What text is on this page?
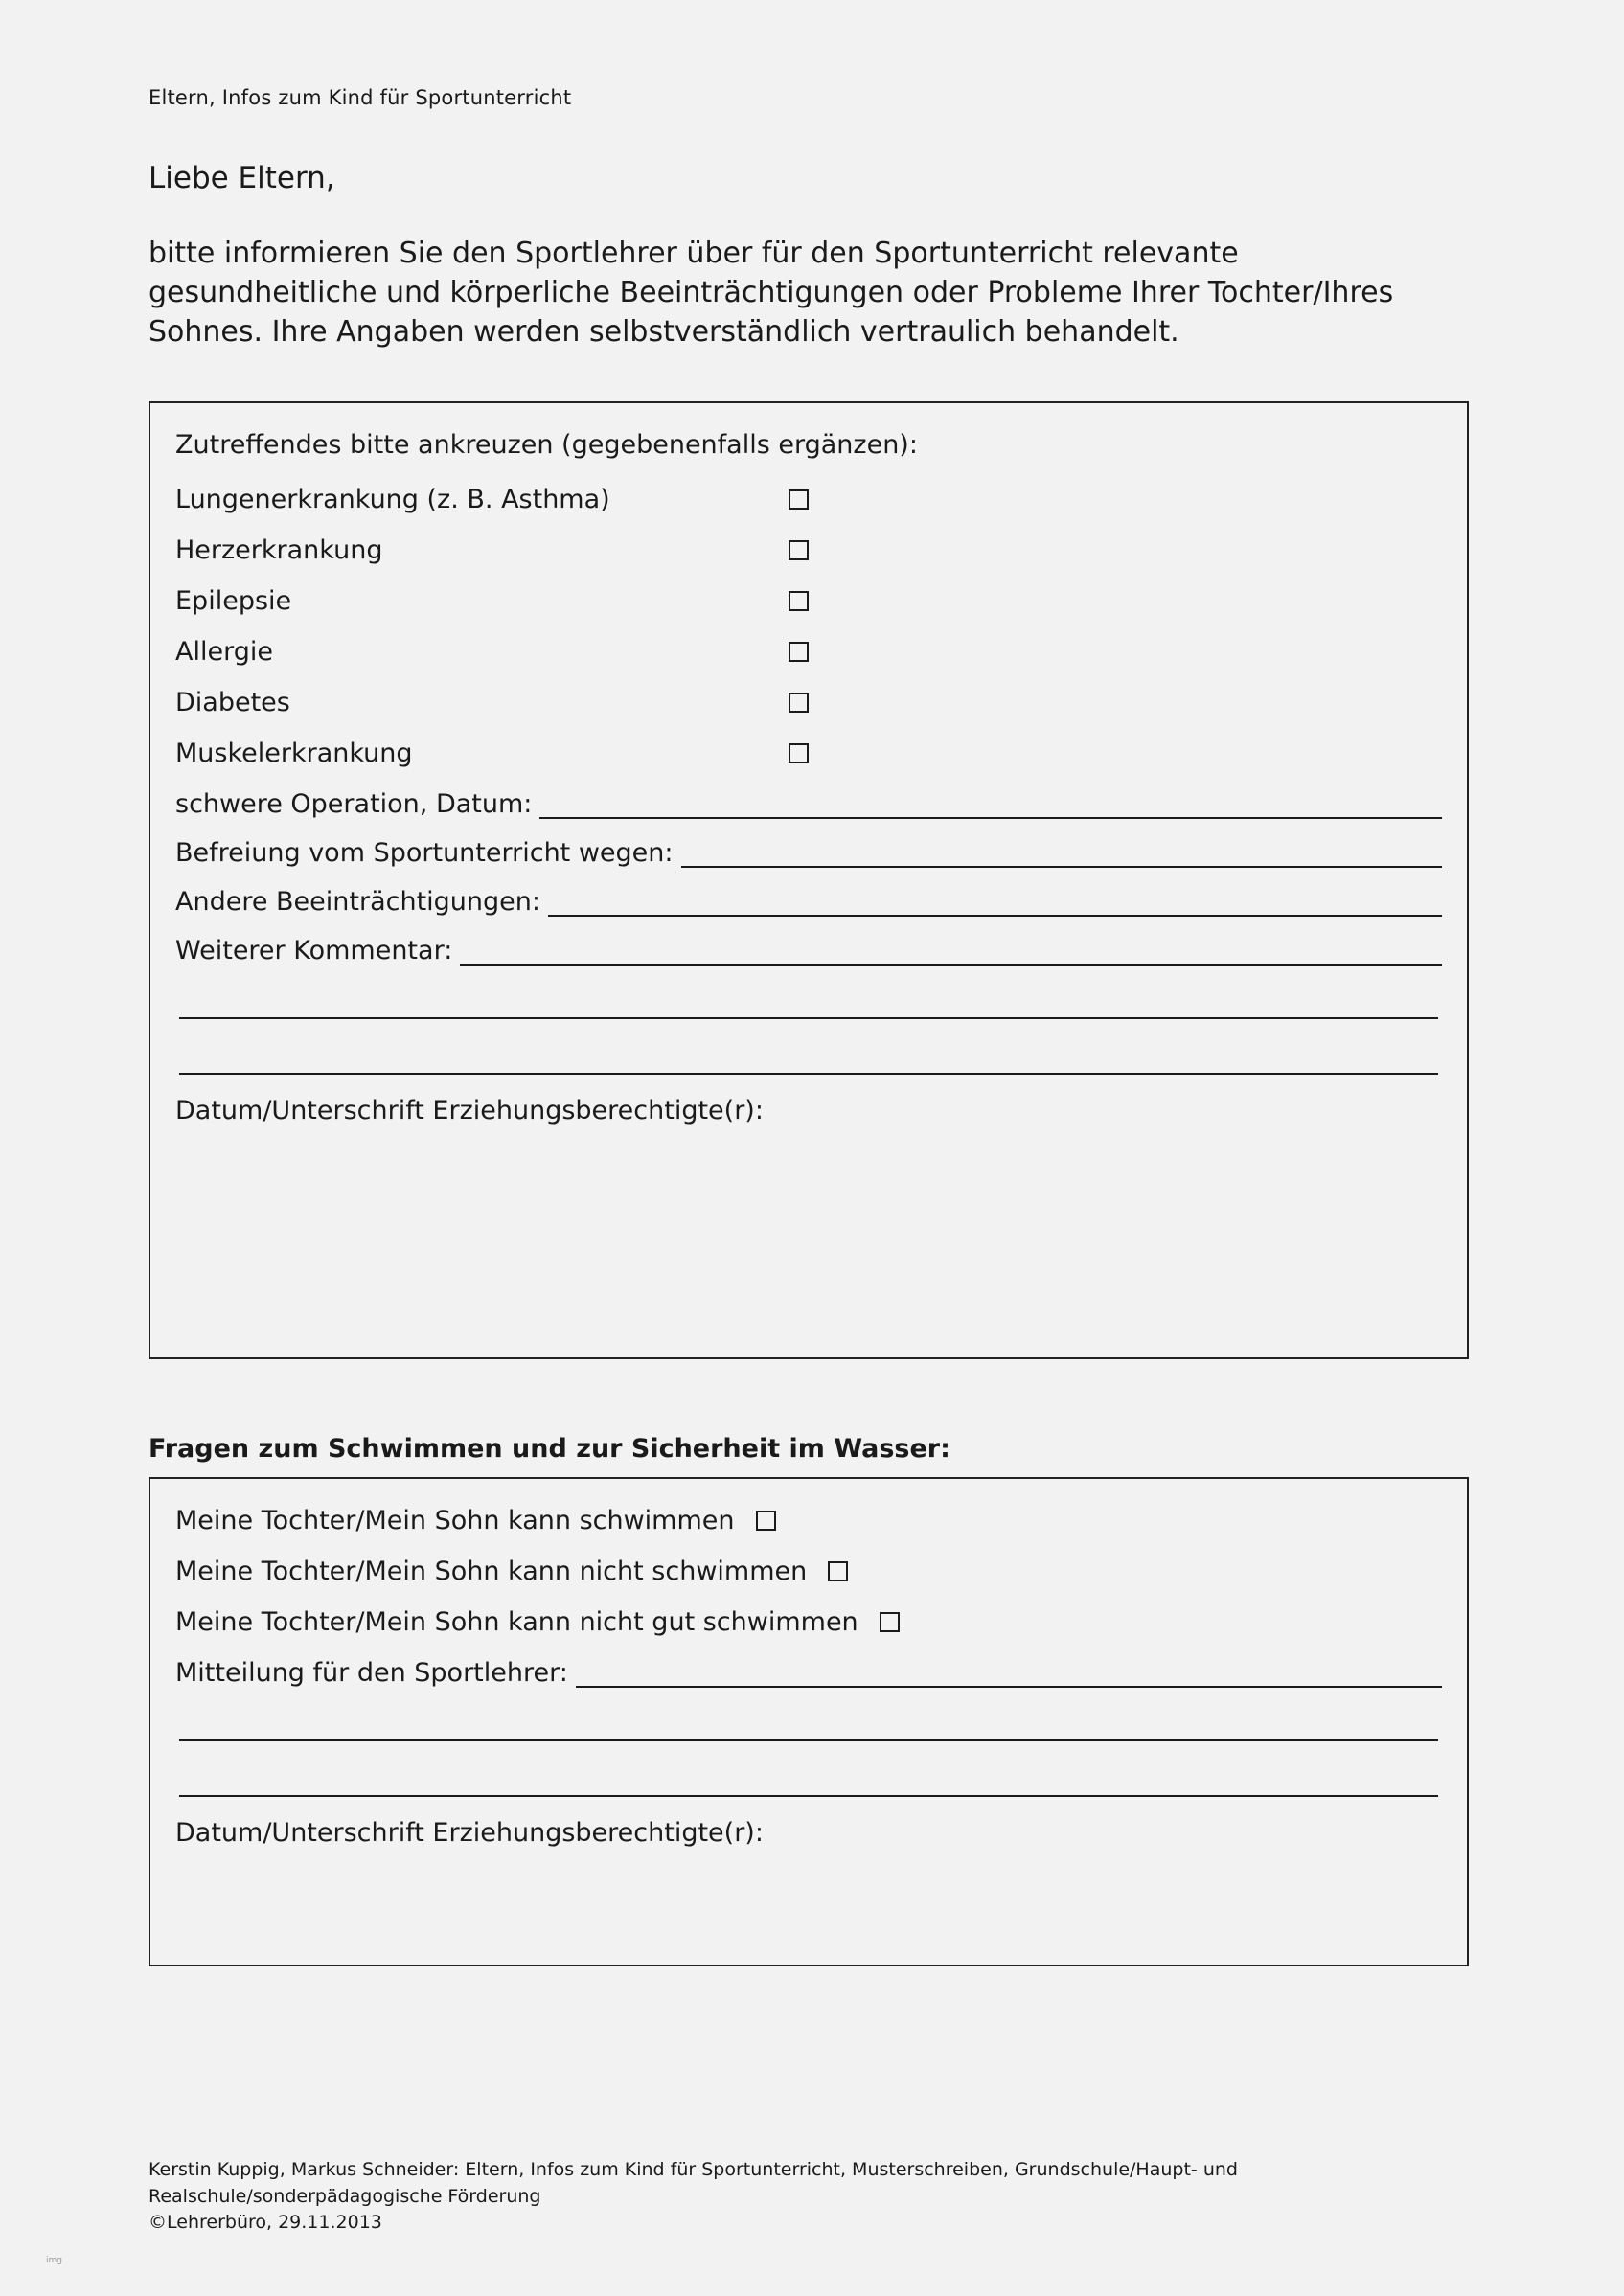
Eltern, Infos zum Kind für Sportunterricht
Liebe Eltern,
bitte informieren Sie den Sportlehrer über für den Sportunterricht relevante gesundheitliche und körperliche Beeinträchtigungen oder Probleme Ihrer Tochter/Ihres Sohnes. Ihre Angaben werden selbstverständlich vertraulich behandelt.
Zutreffendes bitte ankreuzen (gegebenenfalls ergänzen):
Lungenerkrankung (z. B. Asthma)
Herzerkrankung
Epilepsie
Allergie
Diabetes
Muskelerkrankung
schwere Operation, Datum:
Befreiung vom Sportunterricht wegen:
Andere Beeinträchtigungen:
Weiterer Kommentar:
Datum/Unterschrift Erziehungsberechtigte(r):
Fragen zum Schwimmen und zur Sicherheit im Wasser:
Meine Tochter/Mein Sohn kann schwimmen
Meine Tochter/Mein Sohn kann nicht schwimmen
Meine Tochter/Mein Sohn kann nicht gut schwimmen
Mitteilung für den Sportlehrer:
Datum/Unterschrift Erziehungsberechtigte(r):
Kerstin Kuppig, Markus Schneider: Eltern, Infos zum Kind für Sportunterricht, Musterschreiben, Grundschule/Haupt- und
Realschule/sonderpädagogische Förderung
©Lehrerbüro, 29.11.2013
img
